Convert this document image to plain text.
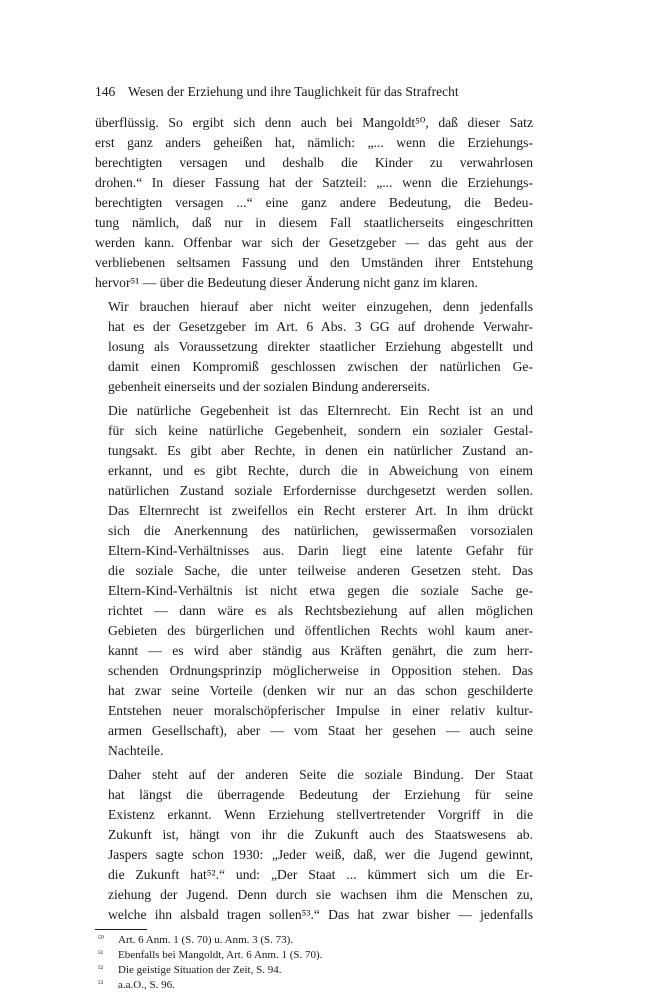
146 Wesen der Erziehung und ihre Tauglichkeit für das Strafrecht

überflüssig. So ergibt sich denn auch bei Mangoldt⁵⁰, daß dieser Satz
erst ganz anders geheißen hat, nämlich: „... wenn die Erziehungs-
berechtigten versagen und deshalb die Kinder zu verwahrlosen
drohen.“ In dieser Fassung hat der Satzteil: „... wenn die Erziehungs-
berechtigten versagen ...“ eine ganz andere Bedeutung, die Bedeu-
tung nämlich, daß nur in diesem Fall staatlicherseits eingeschritten
werden kann. Offenbar war sich der Gesetzgeber — das geht aus der
verbliebenen seltsamen Fassung und den Umständen ihrer Entstehung
hervor⁵¹ — über die Bedeutung dieser Änderung nicht ganz im klaren.

Wir brauchen hierauf aber nicht weiter einzugehen, denn jedenfalls
hat es der Gesetzgeber im Art. 6 Abs. 3 GG auf drohende Verwahr-
losung als Voraussetzung direkter staatlicher Erziehung abgestellt und
damit einen Kompromiß geschlossen zwischen der natürlichen Ge-
gebenheit einerseits und der sozialen Bindung andererseits.

Die natürliche Gegebenheit ist das Elternrecht. Ein Recht ist an und
für sich keine natürliche Gegebenheit, sondern ein sozialer Gestal-
tungsakt. Es gibt aber Rechte, in denen ein natürlicher Zustand an-
erkannt, und es gibt Rechte, durch die in Abweichung von einem
natürlichen Zustand soziale Erfordernisse durchgesetzt werden sollen.
Das Elternrecht ist zweifellos ein Recht ersterer Art. In ihm drückt
sich die Anerkennung des natürlichen, gewissermaßen vorsozialen
Eltern-Kind-Verhältnisses aus. Darin liegt eine latente Gefahr für
die soziale Sache, die unter teilweise anderen Gesetzen steht. Das
Eltern-Kind-Verhältnis ist nicht etwa gegen die soziale Sache ge-
richtet — dann wäre es als Rechtsbeziehung auf allen möglichen
Gebieten des bürgerlichen und öffentlichen Rechts wohl kaum aner-
kannt — es wird aber ständig aus Kräften genährt, die zum herr-
schenden Ordnungsprinzip möglicherweise in Opposition stehen. Das
hat zwar seine Vorteile (denken wir nur an das schon geschilderte
Entstehen neuer moralschöpferischer Impulse in einer relativ kultur-
armen Gesellschaft), aber — vom Staat her gesehen — auch seine
Nachteile.

Daher steht auf der anderen Seite die soziale Bindung. Der Staat
hat längst die überragende Bedeutung der Erziehung für seine
Existenz erkannt. Wenn Erziehung stellvertretender Vorgriff in die
Zukunft ist, hängt von ihr die Zukunft auch des Staatswesens ab.
Jaspers sagte schon 1930: „Jeder weiß, daß, wer die Jugend gewinnt,
die Zukunft hat⁵².“ und: „Der Staat ... kümmert sich um die Er-
ziehung der Jugend. Denn durch sie wachsen ihm die Menschen zu,
welche ihn alsbald tragen sollen⁵³.“ Das hat zwar bisher — jedenfalls

⁵⁰	Art. 6 Anm. 1 (S. 70) u. Anm. 3 (S. 73).
⁵¹	Ebenfalls bei Mangoldt, Art. 6 Anm. 1 (S. 70).
⁵²	Die geistige Situation der Zeit, S. 94.
⁵³	a.a.O., S. 96.
